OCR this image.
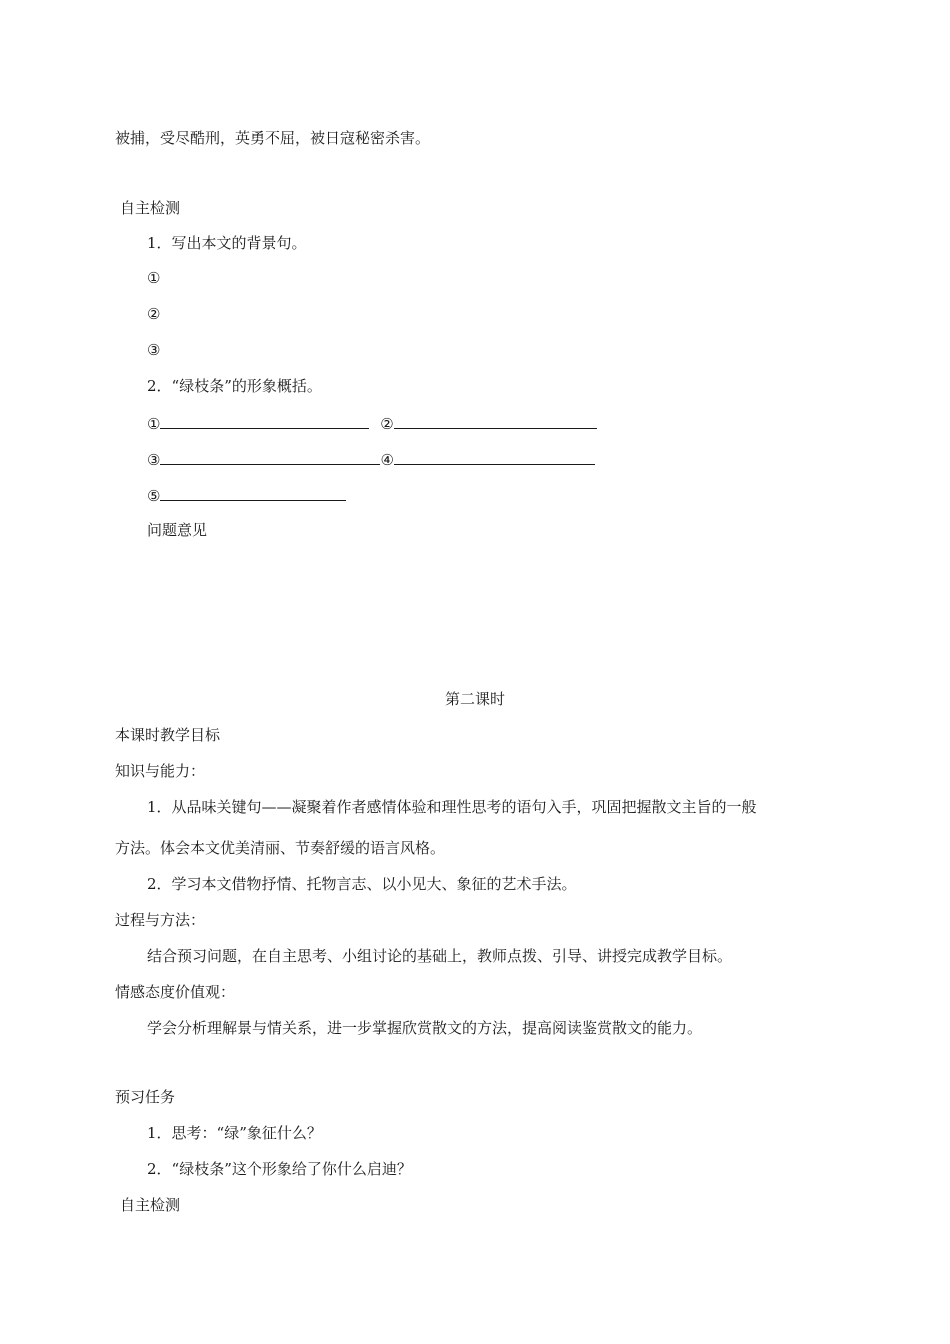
被捕，受尽酷刑，英勇不屈，被日寇秘密杀害。
自主检测
1．写出本文的背景句。
①
②
③
2．“绿枝条”的形象概括。
①	②
③	④
⑤
问题意见
第二课时
本课时教学目标
知识与能力：
1．从品味关键句——凝聚着作者感情体验和理性思考的语句入手，巩固把握散文主旨的一般
方法。体会本文优美清丽、节奏舒缓的语言风格。
2．学习本文借物抒情、托物言志、以小见大、象征的艺术手法。
过程与方法：
结合预习问题，在自主思考、小组讨论的基础上，教师点拨、引导、讲授完成教学目标。
情感态度价值观：
学会分析理解景与情关系，进一步掌握欣赏散文的方法，提高阅读鉴赏散文的能力。
预习任务
1．思考：“绿”象征什么？
2．“绿枝条”这个形象给了你什么启迪？
自主检测
